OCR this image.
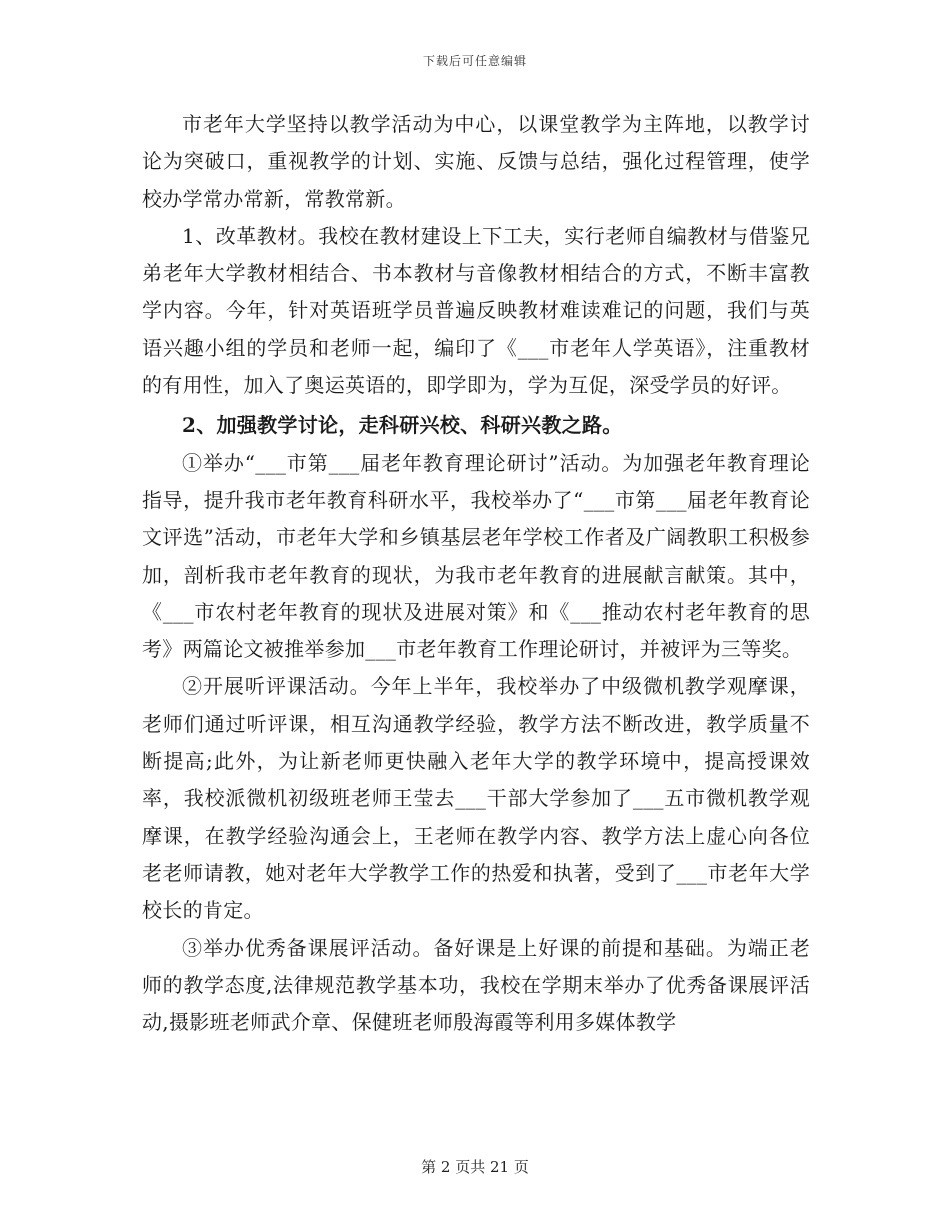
下载后可任意编辑

市老年大学坚持以教学活动为中心，以课堂教学为主阵地，以教学讨论为突破口，重视教学的计划、实施、反馈与总结，强化过程管理，使学校办学常办常新，常教常新。

1、改革教材。我校在教材建设上下工夫，实行老师自编教材与借鉴兄弟老年大学教材相结合、书本教材与音像教材相结合的方式，不断丰富教学内容。今年，针对英语班学员普遍反映教材难读难记的问题，我们与英语兴趣小组的学员和老师一起，编印了《___市老年人学英语》，注重教材的有用性，加入了奥运英语的，即学即为，学为互促，深受学员的好评。

2、加强教学讨论，走科研兴校、科研兴教之路。

①举办“___市第___届老年教育理论研讨”活动。为加强老年教育理论指导，提升我市老年教育科研水平，我校举办了“___市第___届老年教育论文评选”活动，市老年大学和乡镇基层老年学校工作者及广阔教职工积极参加，剖析我市老年教育的现状，为我市老年教育的进展献言献策。其中，《___市农村老年教育的现状及进展对策》和《___推动农村老年教育的思考》两篇论文被推举参加___市老年教育工作理论研讨，并被评为三等奖。

②开展听评课活动。今年上半年，我校举办了中级微机教学观摩课，老师们通过听评课，相互沟通教学经验，教学方法不断改进，教学质量不断提高;此外，为让新老师更快融入老年大学的教学环境中，提高授课效率，我校派微机初级班老师王莹去___干部大学参加了___五市微机教学观摩课，在教学经验沟通会上，王老师在教学内容、教学方法上虚心向各位老老师请教，她对老年大学教学工作的热爱和执著，受到了___市老年大学校长的肯定。

③举办优秀备课展评活动。备好课是上好课的前提和基础。为端正老师的教学态度,法律规范教学基本功，我校在学期末举办了优秀备课展评活动,摄影班老师武介章、保健班老师殷海霞等利用多媒体教学

第 2 页共 21 页
